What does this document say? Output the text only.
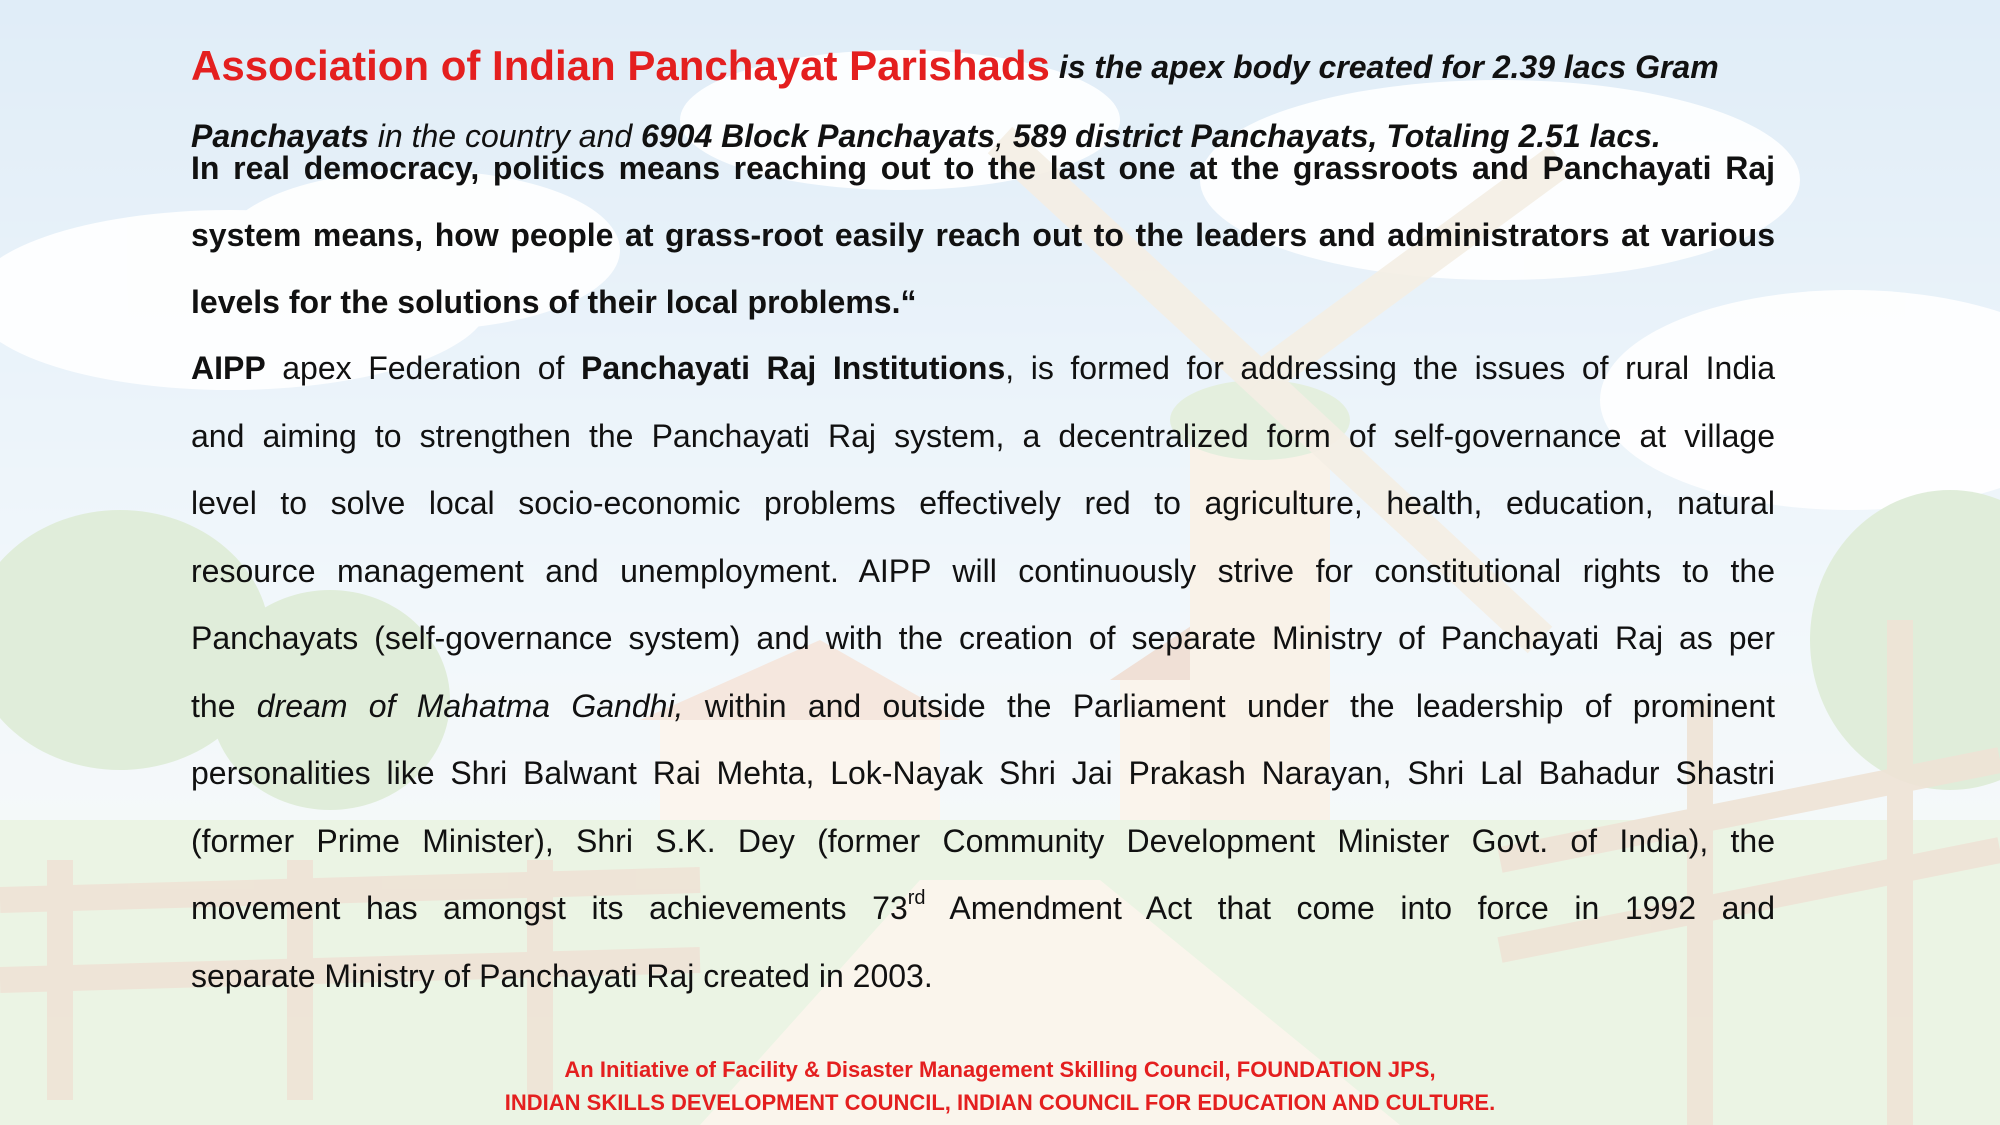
Association of Indian Panchayat Parishads is the apex body created for 2.39 lacs Gram

Panchayats in the country and 6904 Block Panchayats, 589 district Panchayats, Totaling 2.51 lacs.

In real democracy, politics means reaching out to the last one at the grassroots and Panchayati Raj

system means, how people at grass-root easily reach out to the leaders and administrators at various

levels for the solutions of their local problems.“

AIPP apex Federation of Panchayati Raj Institutions, is formed for addressing the issues of rural India

and aiming to strengthen the Panchayati Raj system, a decentralized form of self-governance at village

level to solve local socio-economic problems effectively red to agriculture, health, education, natural

resource management and unemployment. AIPP will continuously strive for constitutional rights to the

Panchayats (self-governance system) and with the creation of separate Ministry of Panchayati Raj as per

the dream of Mahatma Gandhi, within and outside the Parliament under the leadership of prominent

personalities like Shri Balwant Rai Mehta, Lok-Nayak Shri Jai Prakash Narayan, Shri Lal Bahadur Shastri

(former Prime Minister), Shri S.K. Dey (former Community Development Minister Govt. of India), the

movement has amongst its achievements 73rd Amendment Act that come into force in 1992 and

separate Ministry of Panchayati Raj created in 2003.

An Initiative of Facility & Disaster Management Skilling Council, FOUNDATION JPS,
INDIAN SKILLS DEVELOPMENT COUNCIL, INDIAN COUNCIL FOR EDUCATION AND CULTURE.
